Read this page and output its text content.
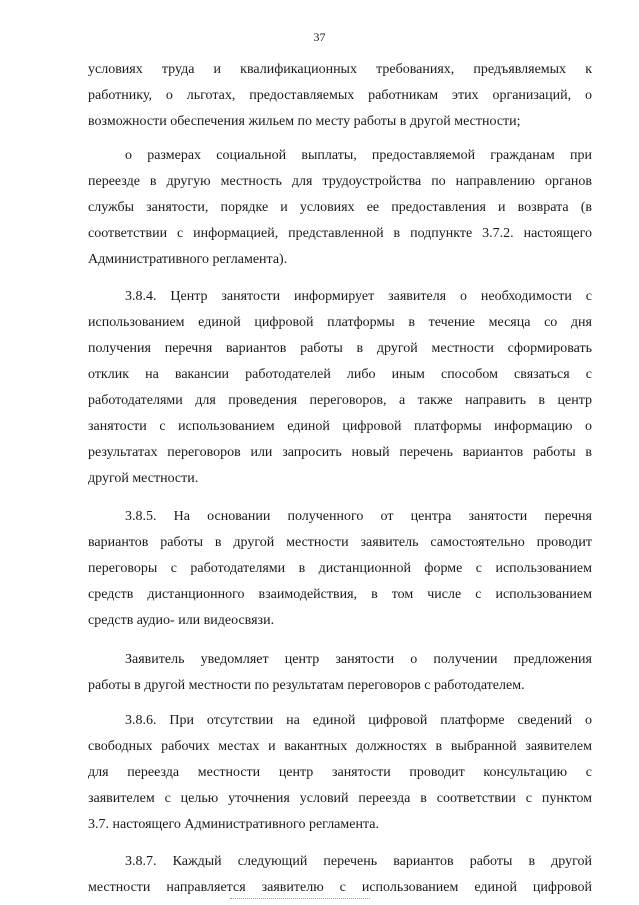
37
условиях труда и квалификационных требованиях, предъявляемых к
работнику, о льготах, предоставляемых работникам этих организаций, о
возможности обеспечения жильем по месту работы в другой местности;
о размерах социальной выплаты, предоставляемой гражданам при
переезде в другую местность для трудоустройства по направлению органов
службы занятости, порядке и условиях ее предоставления и возврата (в
соответствии с информацией, представленной в подпункте 3.7.2. настоящего
Административного регламента).
3.8.4. Центр занятости информирует заявителя о необходимости с
использованием единой цифровой платформы в течение месяца со дня
получения перечня вариантов работы в другой местности сформировать
отклик на вакансии работодателей либо иным способом связаться с
работодателями для проведения переговоров, а также направить в центр
занятости с использованием единой цифровой платформы информацию о
результатах переговоров или запросить новый перечень вариантов работы в
другой местности.
3.8.5. На основании полученного от центра занятости перечня
вариантов работы в другой местности заявитель самостоятельно проводит
переговоры с работодателями в дистанционной форме с использованием
средств дистанционного взаимодействия, в том числе с использованием
средств аудио- или видеосвязи.
Заявитель уведомляет центр занятости о получении предложения
работы в другой местности по результатам переговоров с работодателем.
3.8.6. При отсутствии на единой цифровой платформе сведений о
свободных рабочих местах и вакантных должностях в выбранной заявителем
для переезда местности центр занятости проводит консультацию с
заявителем с целью уточнения условий переезда в соответствии с пунктом
3.7. настоящего Административного регламента.
3.8.7. Каждый следующий перечень вариантов работы в другой
местности направляется заявителю с использованием единой цифровой
